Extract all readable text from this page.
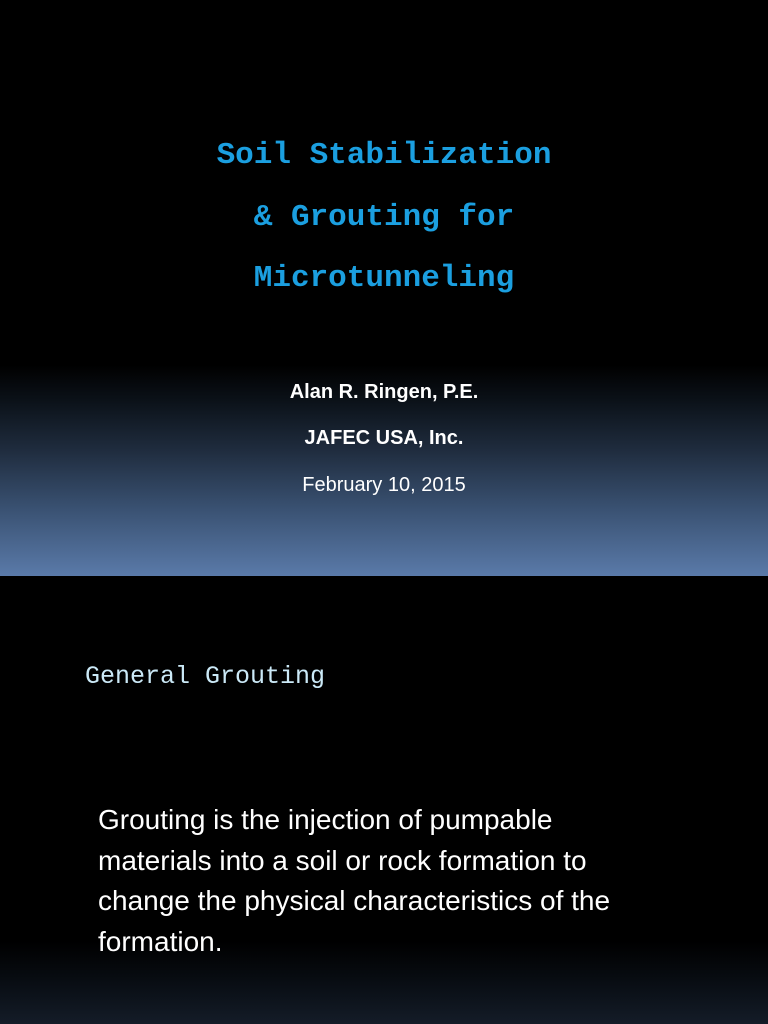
Soil Stabilization
& Grouting for
Microtunneling
Alan R. Ringen, P.E.
JAFEC USA, Inc.
February 10, 2015
General Grouting
Grouting is the injection of pumpable
materials into a soil or rock formation to
change the physical characteristics of the
formation.
